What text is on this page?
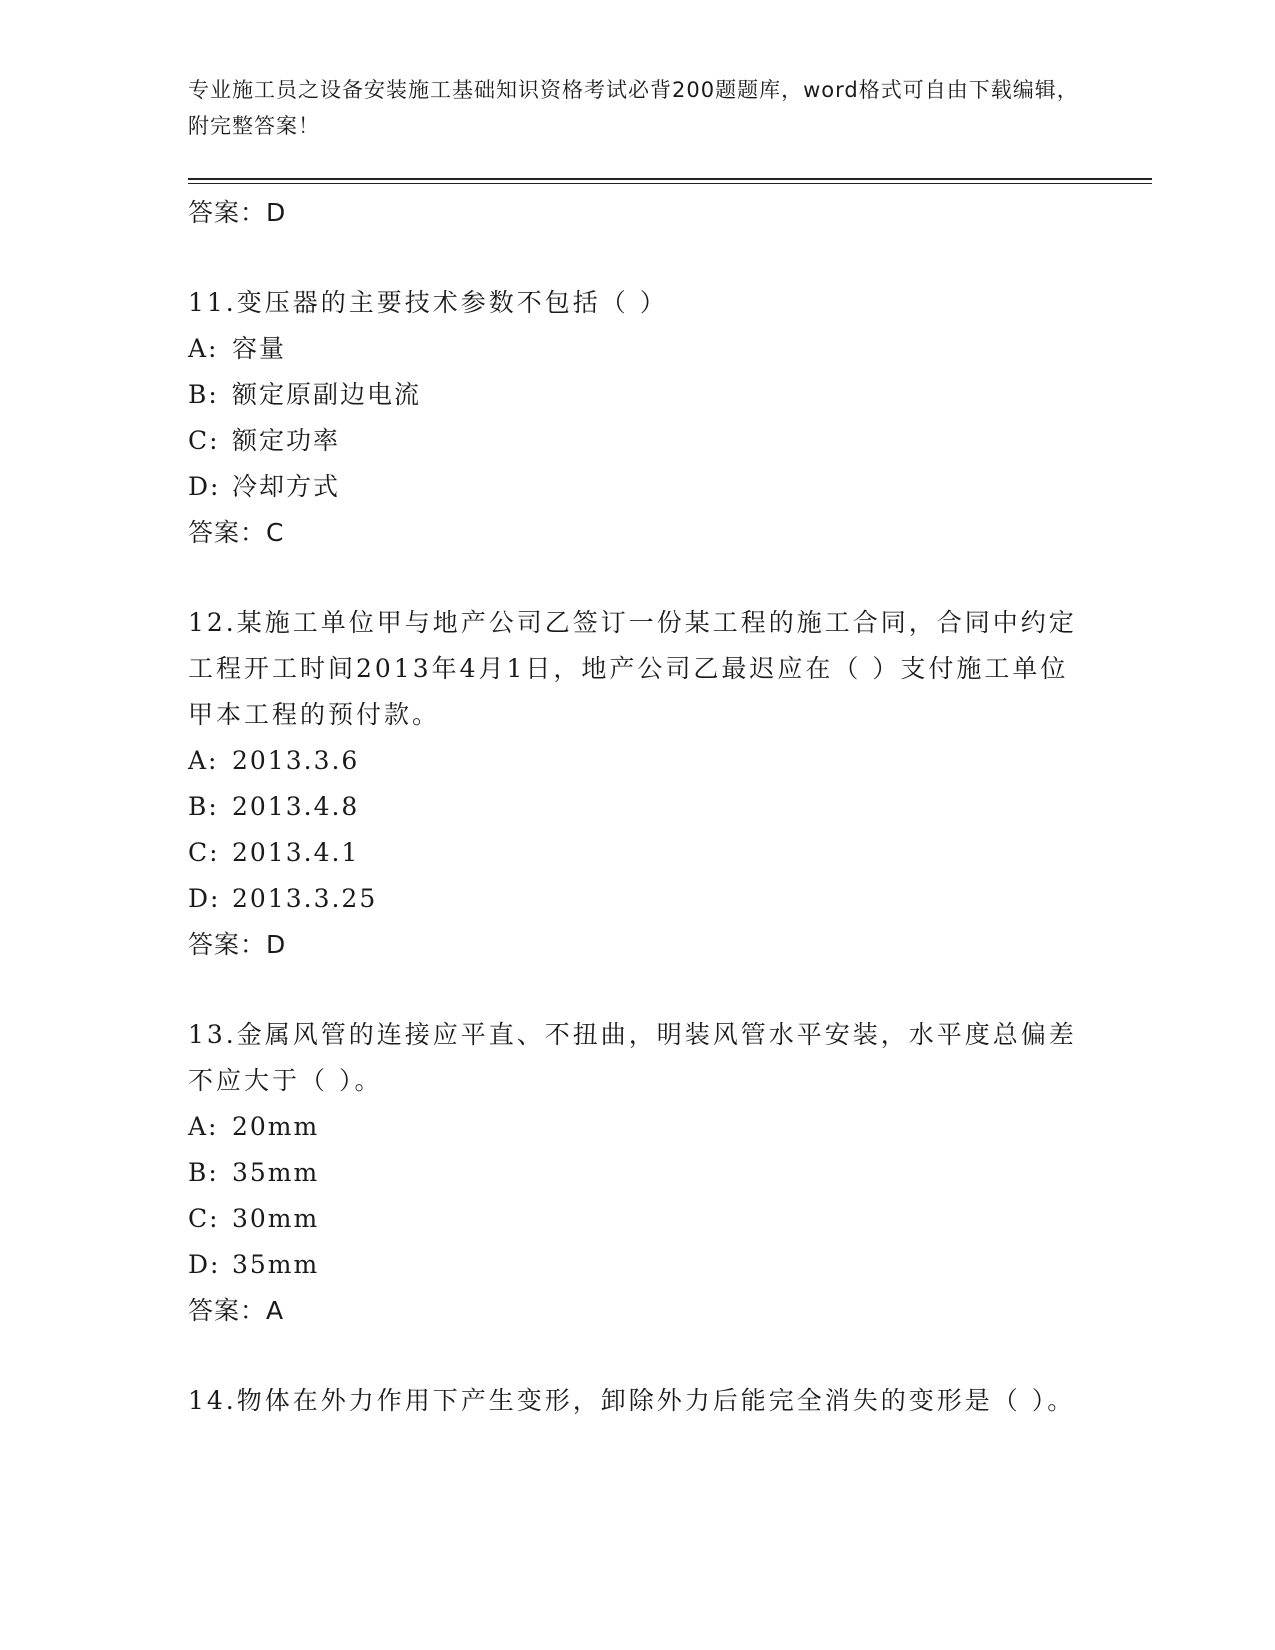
专业施工员之设备安装施工基础知识资格考试必背200题题库，word格式可自由下载编辑，附完整答案！
答案：D
11.变压器的主要技术参数不包括（ ）
A: 容量
B: 额定原副边电流
C: 额定功率
D: 冷却方式
答案：C
12.某施工单位甲与地产公司乙签订一份某工程的施工合同，合同中约定工程开工时间2013年4月1日，地产公司乙最迟应在（ ）支付施工单位甲本工程的预付款。
A: 2013.3.6
B: 2013.4.8
C: 2013.4.1
D: 2013.3.25
答案：D
13.金属风管的连接应平直、不扭曲，明装风管水平安装，水平度总偏差不应大于（ ）。
A: 20mm
B: 35mm
C: 30mm
D: 35mm
答案：A
14.物体在外力作用下产生变形，卸除外力后能完全消失的变形是（ ）。
